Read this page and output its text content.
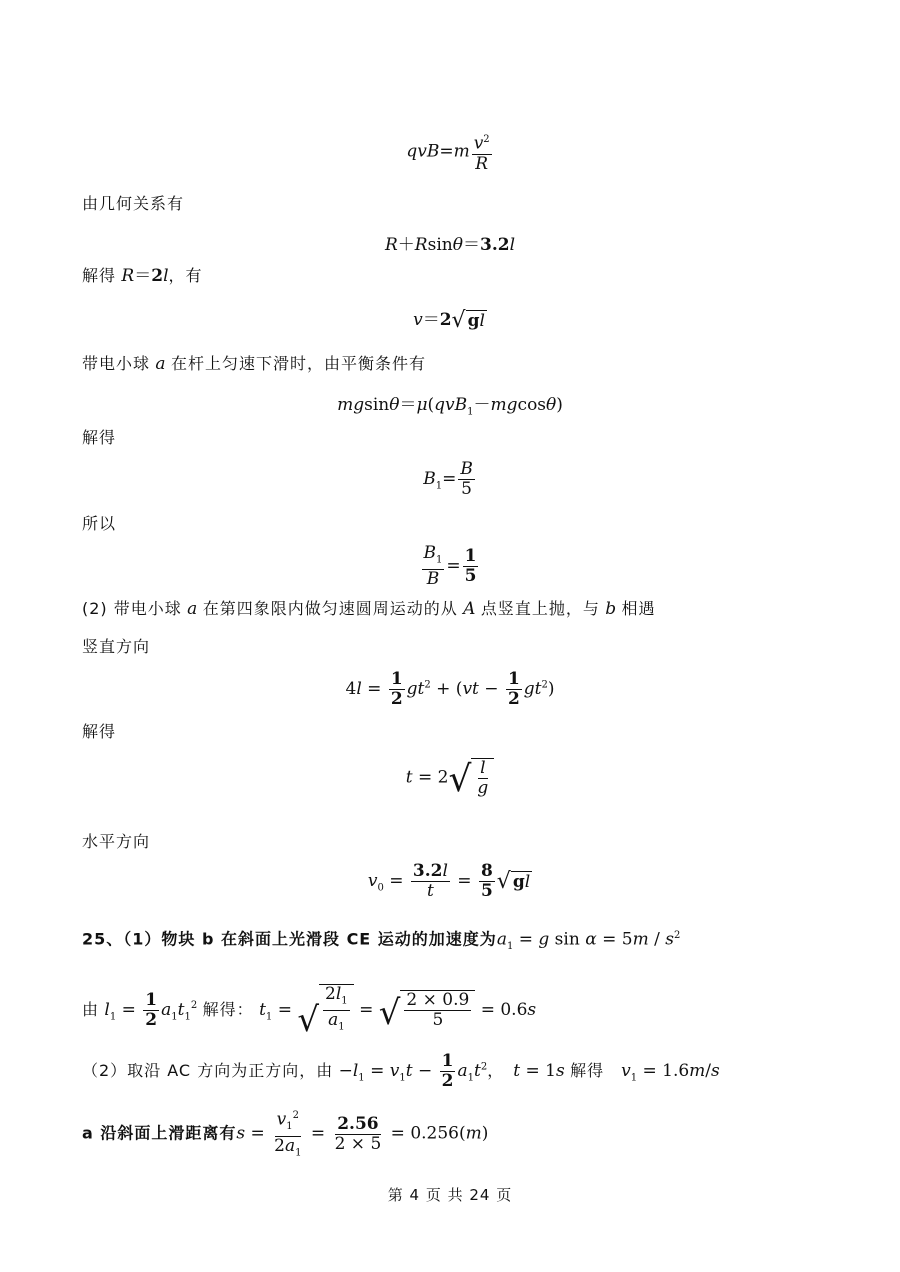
$qvB=m \frac{v^2}{R}$
由几何关系有
R＋Rsinθ＝3.2l
解得 R＝2l，有
v＝2 √ g l
带电小球 a 在杆上匀速下滑时，由平衡条件有
mgsinθ＝μ(qvB$_1$－mgcosθ)
解得
$B_1= \frac{B}{5}$
所以
$\frac{B_1}{B} = \frac{1}{5}$
(2) 带电小球 a 在第四象限内做匀速圆周运动的从 A 点竖直上抛，与 b 相遇
竖直方向
$4l = \frac{1}{2} gt^2 + (vt - \frac{1}{2} gt^2)$
解得
t = 2 √ $\frac{l}{g}$
水平方向
$v_0 = \frac{3.2l}{t} = \frac{8}{5}$ √ g l
25、（1）物块 b 在斜面上光滑段 CE 运动的加速度为$a_1 = g$ $\sin \alpha = 5m / s^2$
由 $l_1 = \frac{1}{2} a_1t_1^2$ 解得： $t_1$ = √ $\frac{2l_1}{a_1}$ = √ $\frac{2 \times 0.9}{5} = 0.6s$
（2）取沿 AC 方向为正方向，由 $-l_1 = v_1t - \frac{1}{2} a_1t^2$，　 t = 1s 解得　 $v_1 = 1.6m/s$
a 沿斜面上滑距离有$s = \frac{v_1^2}{2a_1} = \frac{2.56}{2 \times 5} = 0.256(m)$
第 4 页 共 24 页
